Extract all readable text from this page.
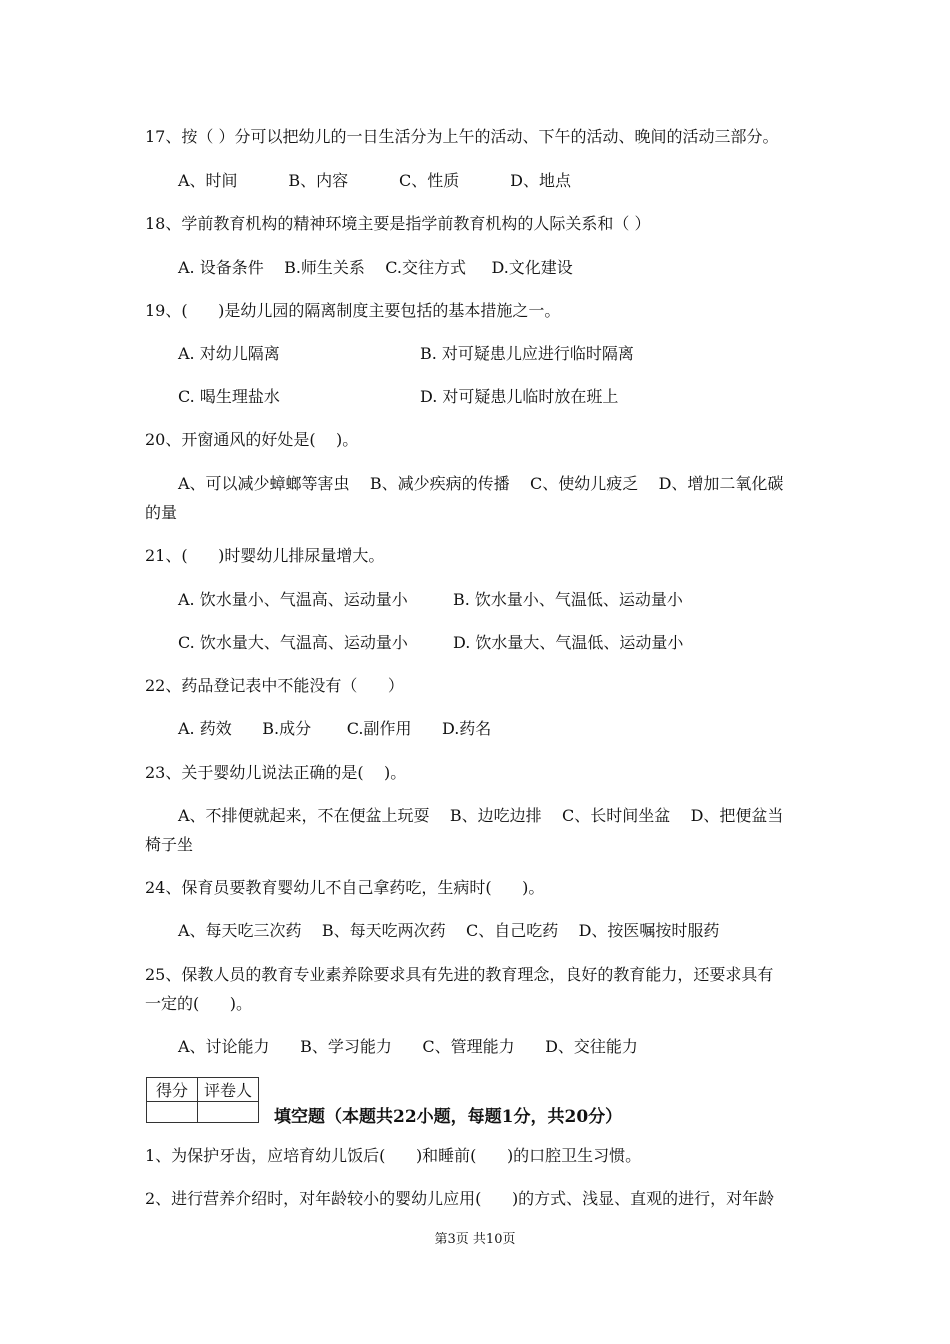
17、按（ ）分可以把幼儿的一日生活分为上午的活动、下午的活动、晚间的活动三部分。
A、时间          B、内容          C、性质          D、地点
18、学前教育机构的精神环境主要是指学前教育机构的人际关系和（ ）
A. 设备条件    B.师生关系    C.交往方式     D.文化建设
19、(      )是幼儿园的隔离制度主要包括的基本措施之一。
A. 对幼儿隔离	B. 对可疑患儿应进行临时隔离
C. 喝生理盐水	D. 对可疑患儿临时放在班上
20、开窗通风的好处是(    )。
A、可以减少蟑螂等害虫    B、减少疾病的传播    C、使幼儿疲乏    D、增加二氧化碳
的量
21、(      )时婴幼儿排尿量增大。
A. 饮水量小、气温高、运动量小	B. 饮水量小、气温低、运动量小
C. 饮水量大、气温高、运动量小	D. 饮水量大、气温低、运动量小
22、药品登记表中不能没有（      ）
A. 药效      B.成分       C.副作用      D.药名
23、关于婴幼儿说法正确的是(    )。
A、不排便就起来，不在便盆上玩耍    B、边吃边排    C、长时间坐盆    D、把便盆当
椅子坐
24、保育员要教育婴幼儿不自己拿药吃，生病时(      )。
A、每天吃三次药    B、每天吃两次药    C、自己吃药    D、按医嘱按时服药
25、保教人员的教育专业素养除要求具有先进的教育理念，良好的教育能力，还要求具有
一定的(      )。
A、讨论能力      B、学习能力      C、管理能力      D、交往能力
得分	评卷人

填空题（本题共22小题，每题1分，共20分）
1、为保护牙齿，应培育幼儿饭后(      )和睡前(      )的口腔卫生习惯。
2、进行营养介绍时，对年龄较小的婴幼儿应用(      )的方式、浅显、直观的进行，对年龄
第3页 共10页
